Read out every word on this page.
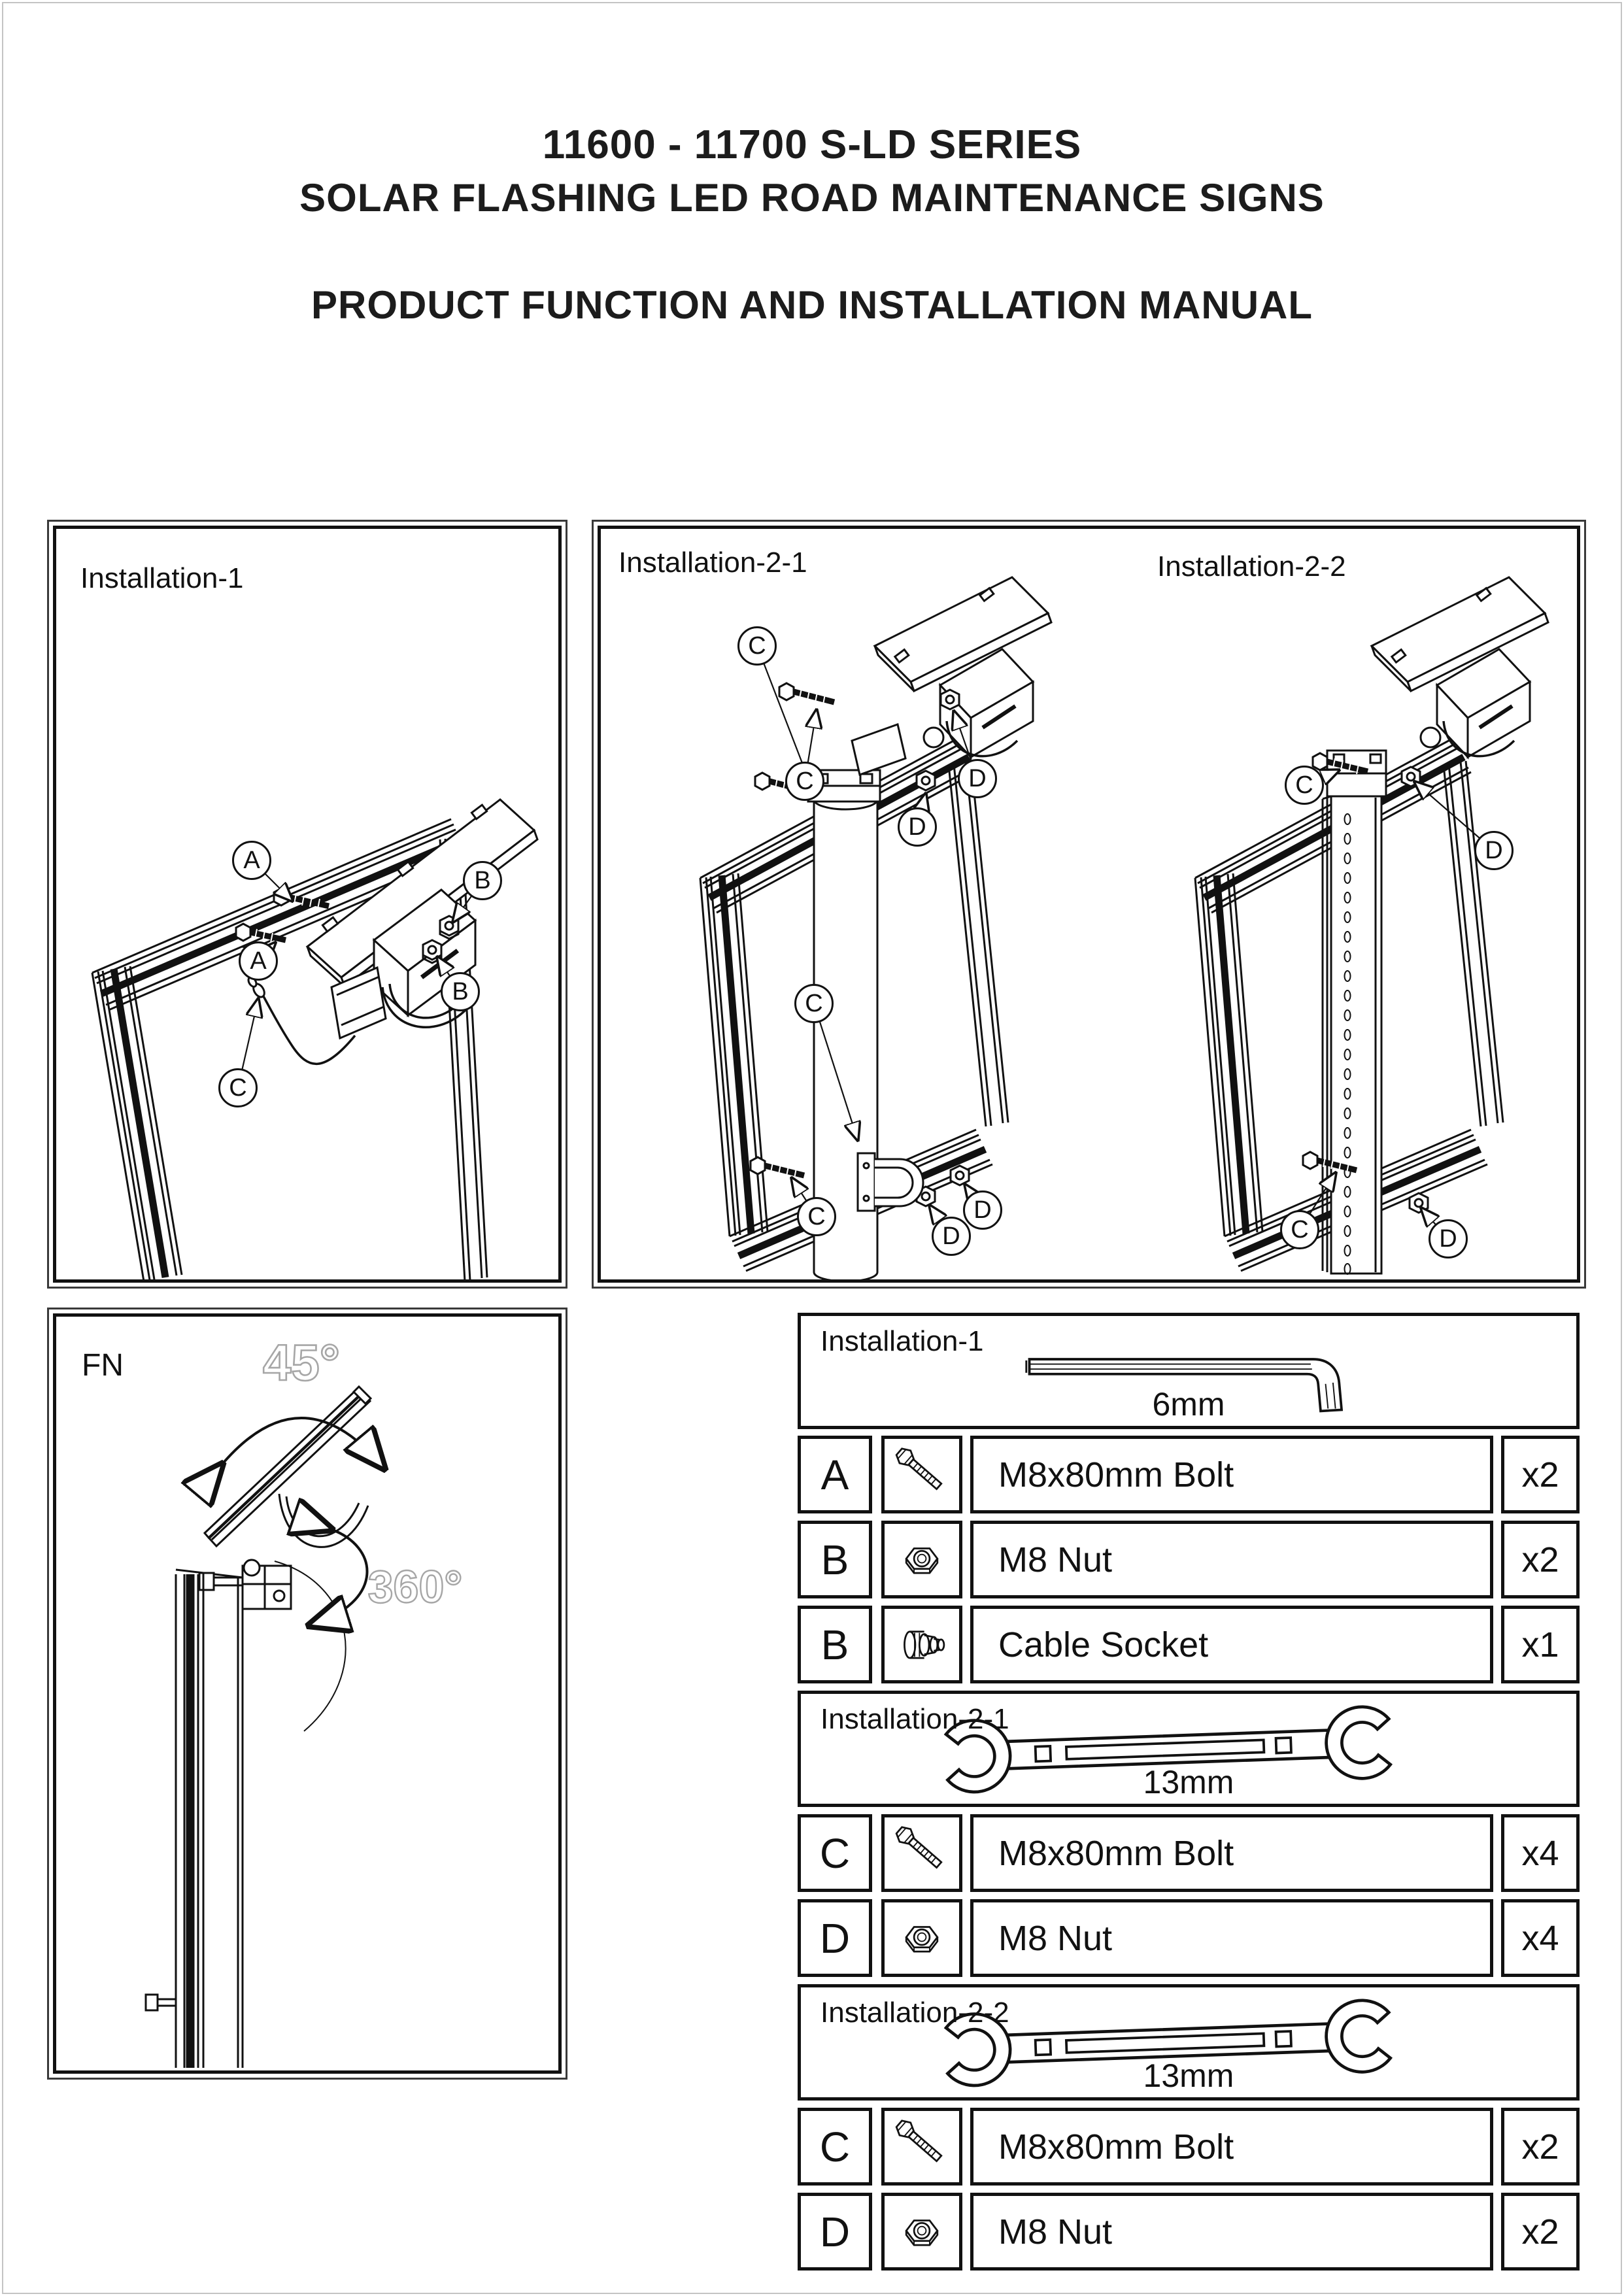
11600 - 11700 S-LD SERIES
SOLAR FLASHING LED ROAD MAINTENANCE SIGNS
PRODUCT FUNCTION AND INSTALLATION MANUAL
Installation-1
A
B
A
B
C
Installation-2-1	Installation-2-2
C
C	D
D
C
C	D
D
C
D
C	D
45°
360°
FN
Installation-1
6mm
A	M8x80mm Bolt	x2
B	M8 Nut	x2
B	Cable Socket	x1
Installation-2-1
13mm
C	M8x80mm Bolt	x4
D	M8 Nut	x4
Installation-2-2
13mm
C	M8x80mm Bolt	x2
D	M8 Nut	x2
